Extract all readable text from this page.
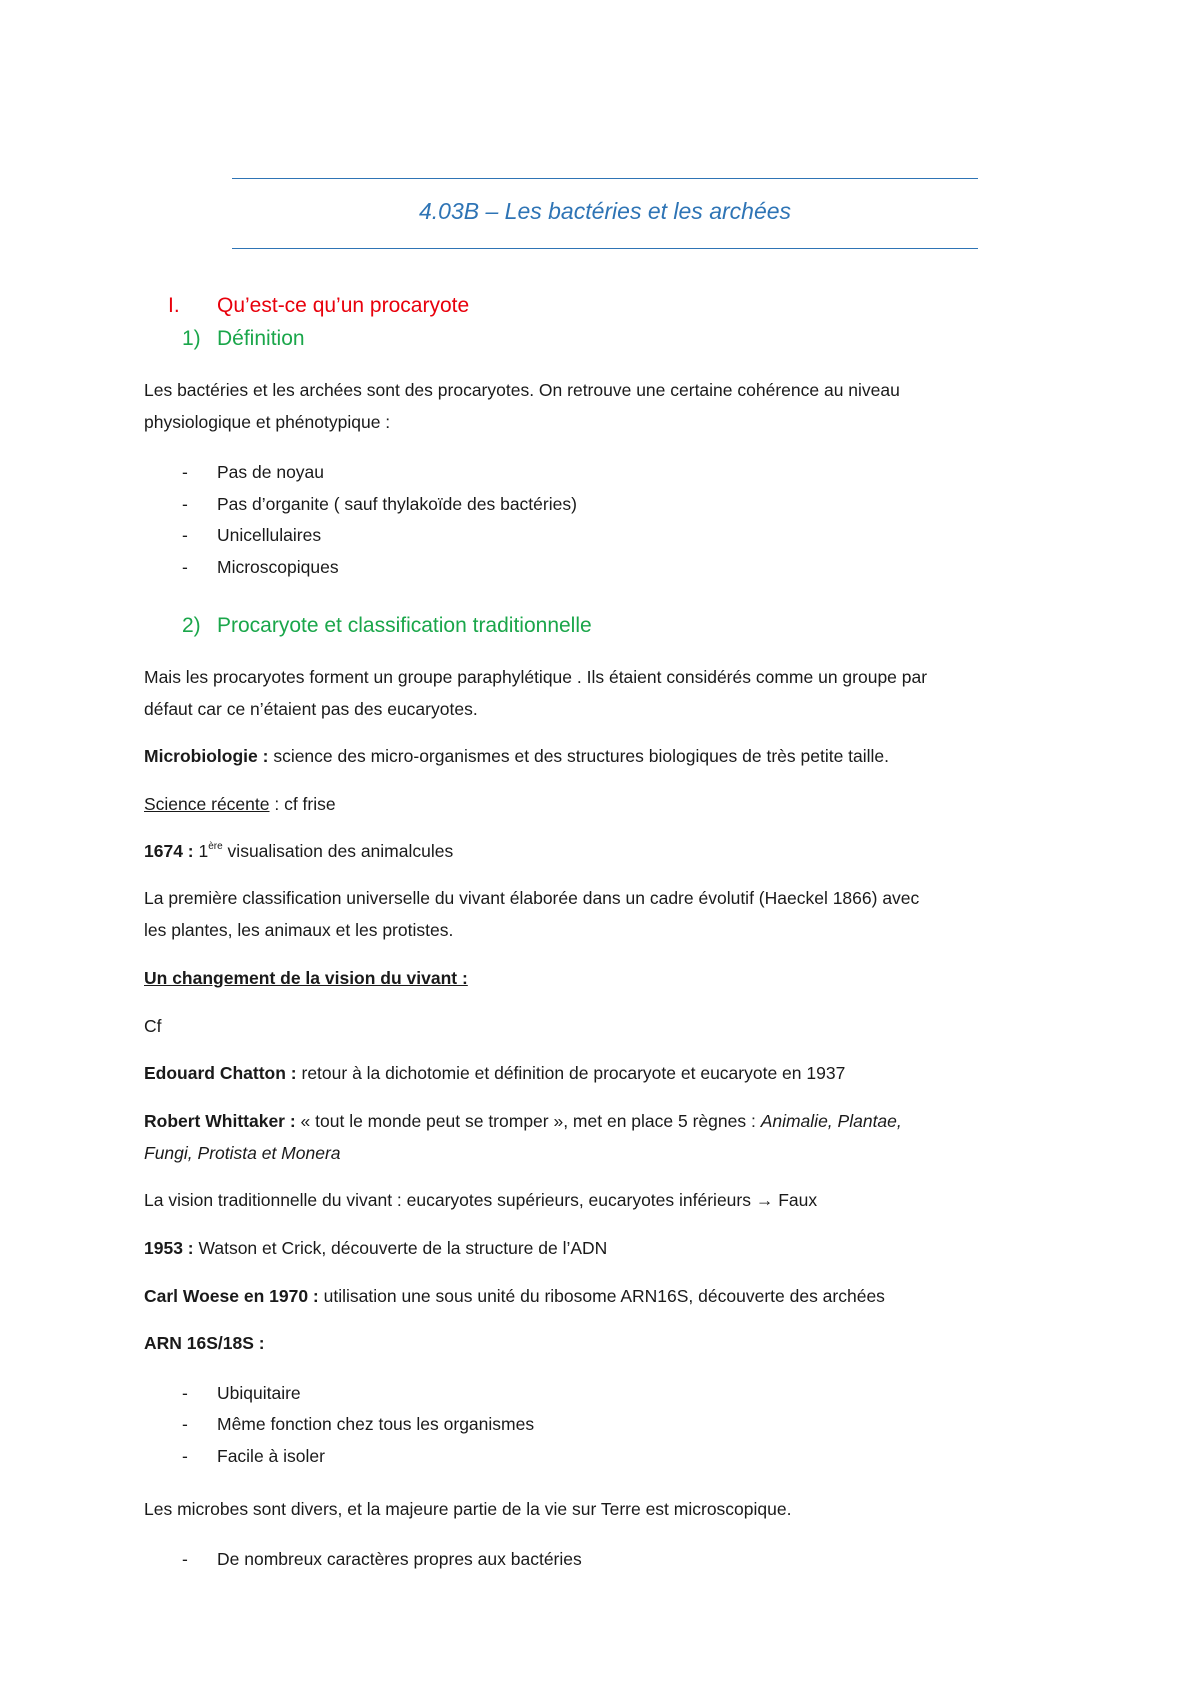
4.03B – Les bactéries et les archées
I. Qu’est-ce qu’un procaryote
1) Définition
Les bactéries et les archées sont des procaryotes. On retrouve une certaine cohérence au niveau
physiologique et phénotypique :
- Pas de noyau
- Pas d’organite ( sauf thylakoïde des bactéries)
- Unicellulaires
- Microscopiques
2) Procaryote et classification traditionnelle
Mais les procaryotes forment un groupe paraphylétique . Ils étaient considérés comme un groupe par
défaut car ce n’étaient pas des eucaryotes.
Microbiologie : science des micro-organismes et des structures biologiques de très petite taille.
Science récente : cf frise
1674 : 1ère visualisation des animalcules
La première classification universelle du vivant élaborée dans un cadre évolutif (Haeckel 1866) avec
les plantes, les animaux et les protistes.
Un changement de la vision du vivant :
Cf
Edouard Chatton : retour à la dichotomie et définition de procaryote et eucaryote en 1937
Robert Whittaker : « tout le monde peut se tromper », met en place 5 règnes : Animalie, Plantae,
Fungi, Protista et Monera
La vision traditionnelle du vivant : eucaryotes supérieurs, eucaryotes inférieurs → Faux
1953 : Watson et Crick, découverte de la structure de l’ADN
Carl Woese en 1970 : utilisation une sous unité du ribosome ARN16S, découverte des archées
ARN 16S/18S :
- Ubiquitaire
- Même fonction chez tous les organismes
- Facile à isoler
Les microbes sont divers, et la majeure partie de la vie sur Terre est microscopique.
- De nombreux caractères propres aux bactéries
